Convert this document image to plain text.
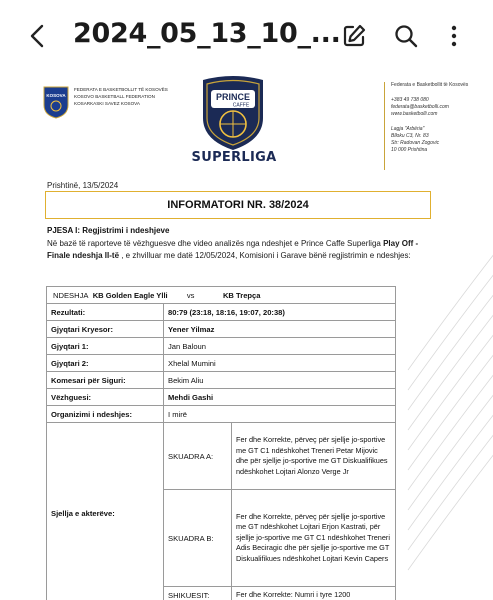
2024_05_13_10_...
KOSOVA
FEDERATA E BASKETBOLLIT TË KOSOVËS
KOSOVO BASKETBALL FEDERATION
KOSARKASKI SAVEZ KOSOVA
PRINCE
CAFFE
SUPERLIGA
Federata e Basketbollit të Kosovës
+383 49 738 080
federata@basketbolli.com
www.basketbolli.com
Lagja "Arbëria"
Blloku C3, Nr. 83
Str: Radovan Zogovic
10 000 Prishtina
Prishtinë, 13/5/2024
INFORMATORI NR. 38/2024
PJESA I: Regjistrimi i ndeshjeve
Në bazë të raporteve të vëzhguesve dhe video analizës nga ndeshjet e Prince Caffe Superliga Play Off - Finale ndeshja II-të , e zhvilluar me datë 12/05/2024, Komisioni i Garave bënë regjistrimin e ndeshjes:
NDESHJA KB Golden Eagle Ylli vs KB Trepça		
Rezultati:	80:79 (23:18, 18:16, 19:07, 20:38)	
Gjyqtari Kryesor:	Yener Yilmaz	
Gjyqtari 1:	Jan Baloun	
Gjyqtari 2:	Xhelal Mumini	
Komesari për Siguri:	Bekim Aliu	
Vëzhguesi:	Mehdi Gashi	
Organizimi i ndeshjes:	I mirë	
Sjellja e akterëve:	SKUADRA A:	Fer dhe Korrekte, përveç për sjellje jo-sportive me GT C1 ndëshkohet Treneri Petar Mijovic dhe për sjellje jo-sportive me GT Diskualifikues ndëshkohet Lojtari Alonzo Verge Jr
	SKUADRA B:	Fer dhe Korrekte, përveç për sjellje jo-sportive me GT ndëshkohet Lojtari Erjon Kastrati, për sjellje jo-sportive me GT C1 ndëshkohet Treneri Adis Beciragic dhe për sjellje jo-sportive me GT Diskualifikues ndëshkohet Lojtari Kevin Capers
	SHIKUESIT:	Fer dhe Korrekte: Numri i tyre 1200
